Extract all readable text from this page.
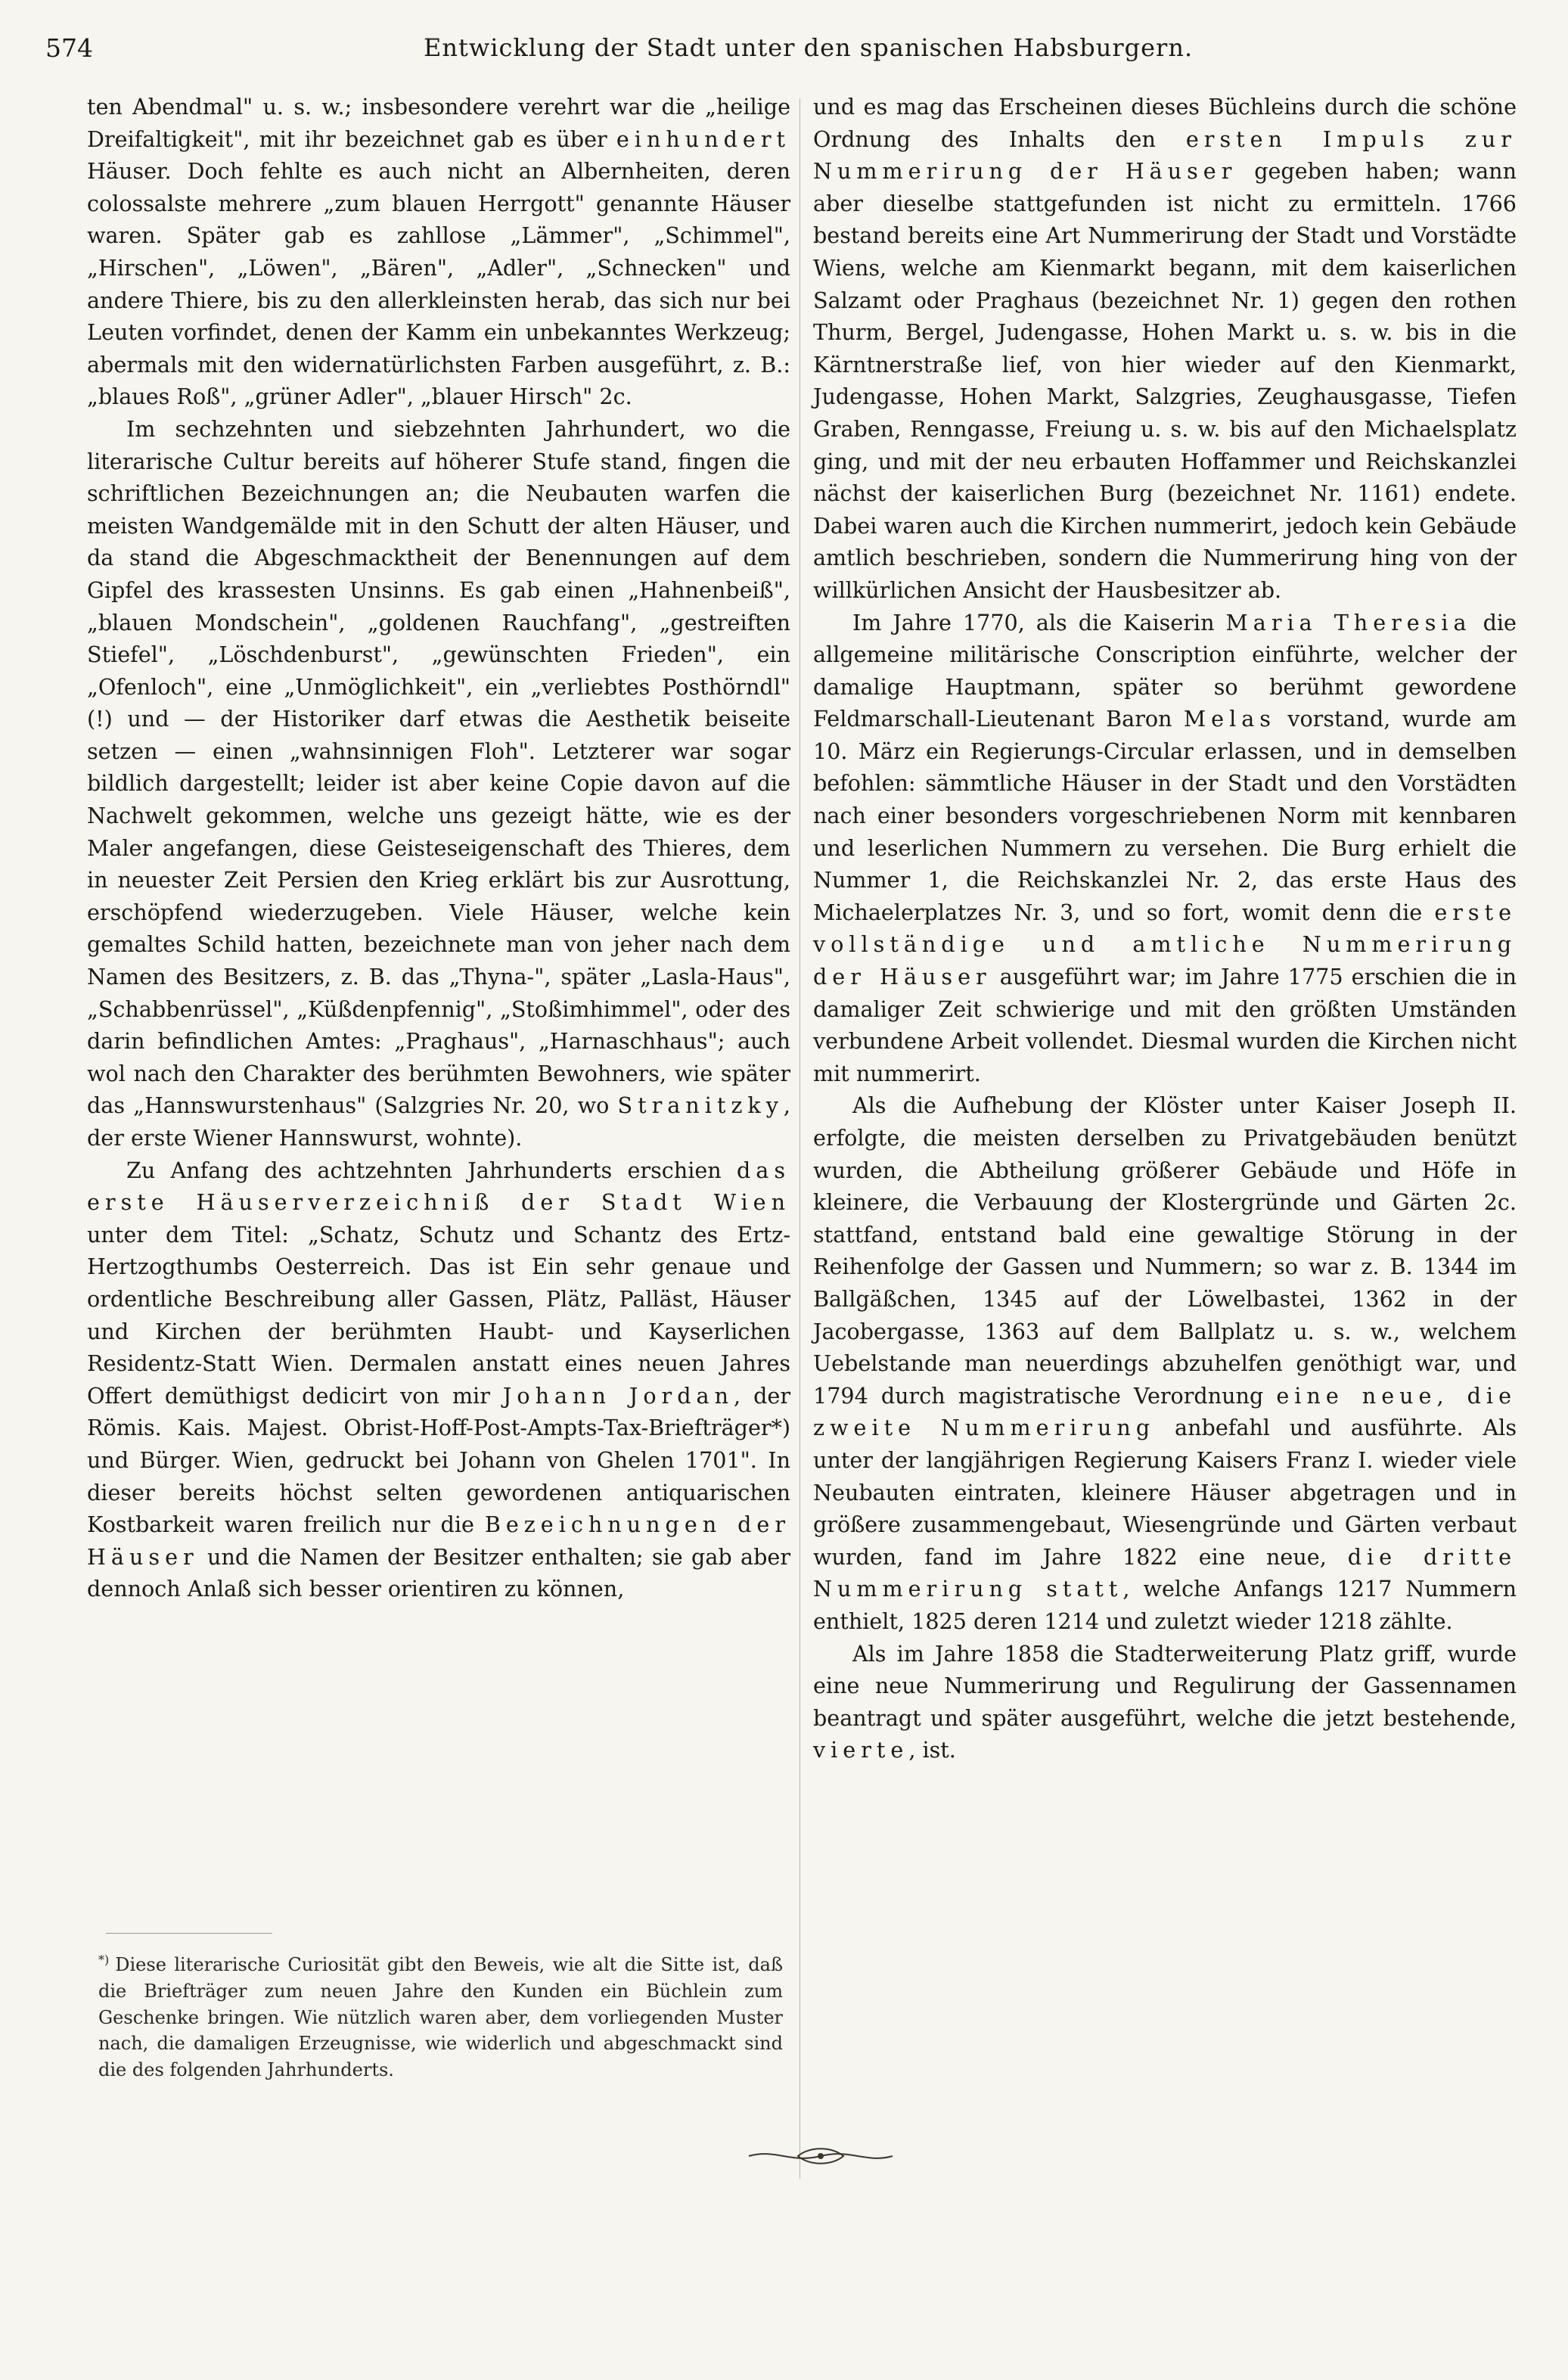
574	Entwicklung der Stadt unter den spanischen Habsburgern.

ten Abendmal" u. s. w.; insbesondere verehrt war die „heilige Dreifaltigkeit", mit ihr bezeichnet gab es über einhundert Häuser. Doch fehlte es auch nicht an Albernheiten, deren colossalste mehrere „zum blauen Herrgott" genannte Häuser waren. Später gab es zahllose „Lämmer", „Schimmel", „Hirschen", „Löwen", „Bären", „Adler", „Schnecken" und andere Thiere, bis zu den allerkleinsten herab, das sich nur bei Leuten vorfindet, denen der Kamm ein unbekanntes Werkzeug; abermals mit den widernatürlichsten Farben ausgeführt, z. B.: „blaues Roß", „grüner Adler", „blauer Hirsch" 2c.

Im sechzehnten und siebzehnten Jahrhundert, wo die literarische Cultur bereits auf höherer Stufe stand, fingen die schriftlichen Bezeichnungen an; die Neubauten warfen die meisten Wandgemälde mit in den Schutt der alten Häuser, und da stand die Abgeschmacktheit der Benennungen auf dem Gipfel des krassesten Unsinns. Es gab einen „Hahnenbeiß", „blauen Mondschein", „goldenen Rauchfang", „gestreiften Stiefel", „Löschdenburst", „gewünschten Frieden", ein „Ofenloch", eine „Unmöglichkeit", ein „verliebtes Posthörndl" (!) und — der Historiker darf etwas die Aesthetik beiseite setzen — einen „wahnsinnigen Floh". Letzterer war sogar bildlich dargestellt; leider ist aber keine Copie davon auf die Nachwelt gekommen, welche uns gezeigt hätte, wie es der Maler angefangen, diese Geisteseigenschaft des Thieres, dem in neuester Zeit Persien den Krieg erklärt bis zur Ausrottung, erschöpfend wiederzugeben. Viele Häuser, welche kein gemaltes Schild hatten, bezeichnete man von jeher nach dem Namen des Besitzers, z. B. das „Thyna-", später „Lasla-Haus", „Schabbenrüssel", „Küßdenpfennig", „Stoßimhimmel", oder des darin befindlichen Amtes: „Praghaus", „Harnaschhaus"; auch wol nach den Charakter des berühmten Bewohners, wie später das „Hannswurstenhaus" (Salzgries Nr. 20, wo Stranitzky, der erste Wiener Hannswurst, wohnte).

Zu Anfang des achtzehnten Jahrhunderts erschien das erste Häuserverzeichniß der Stadt Wien unter dem Titel: „Schatz, Schutz und Schantz des Ertz-Hertzogthumbs Oesterreich. Das ist Ein sehr genaue und ordentliche Beschreibung aller Gassen, Plätz, Palläst, Häuser und Kirchen der berühmten Haubt- und Kayserlichen Residentz-Statt Wien. Dermalen anstatt eines neuen Jahres Offert demüthigst dedicirt von mir Johann Jordan, der Römis. Kais. Majest. Obrist-Hoff-Post-Ampts-Tax-Briefträger*) und Bürger. Wien, gedruckt bei Johann von Ghelen 1701". In dieser bereits höchst selten gewordenen antiquarischen Kostbarkeit waren freilich nur die Bezeichnungen der Häuser und die Namen der Besitzer enthalten; sie gab aber dennoch Anlaß sich besser orientiren zu können,

*) Diese literarische Curiosität gibt den Beweis, wie alt die Sitte ist, daß die Briefträger zum neuen Jahre den Kunden ein Büchlein zum Geschenke bringen. Wie nützlich waren aber, dem vorliegenden Muster nach, die damaligen Erzeugnisse, wie widerlich und abgeschmackt sind die des folgenden Jahrhunderts.

und es mag das Erscheinen dieses Büchleins durch die schöne Ordnung des Inhalts den ersten Impuls zur Nummerirung der Häuser gegeben haben; wann aber dieselbe stattgefunden ist nicht zu ermitteln. 1766 bestand bereits eine Art Nummerirung der Stadt und Vorstädte Wiens, welche am Kienmarkt begann, mit dem kaiserlichen Salzamt oder Praghaus (bezeichnet Nr. 1) gegen den rothen Thurm, Bergel, Judengasse, Hohen Markt u. s. w. bis in die Kärntnerstraße lief, von hier wieder auf den Kienmarkt, Judengasse, Hohen Markt, Salzgries, Zeughausgasse, Tiefen Graben, Renngasse, Freiung u. s. w. bis auf den Michaelsplatz ging, und mit der neu erbauten Hoffammer und Reichskanzlei nächst der kaiserlichen Burg (bezeichnet Nr. 1161) endete. Dabei waren auch die Kirchen nummerirt, jedoch kein Gebäude amtlich beschrieben, sondern die Nummerirung hing von der willkürlichen Ansicht der Hausbesitzer ab.

Im Jahre 1770, als die Kaiserin Maria Theresia die allgemeine militärische Conscription einführte, welcher der damalige Hauptmann, später so berühmt gewordene Feldmarschall-Lieutenant Baron Melas vorstand, wurde am 10. März ein Regierungs-Circular erlassen, und in demselben befohlen: sämmtliche Häuser in der Stadt und den Vorstädten nach einer besonders vorgeschriebenen Norm mit kennbaren und leserlichen Nummern zu versehen. Die Burg erhielt die Nummer 1, die Reichskanzlei Nr. 2, das erste Haus des Michaelerplatzes Nr. 3, und so fort, womit denn die erste vollständige und amtliche Nummerirung der Häuser ausgeführt war; im Jahre 1775 erschien die in damaliger Zeit schwierige und mit den größten Umständen verbundene Arbeit vollendet. Diesmal wurden die Kirchen nicht mit nummerirt.

Als die Aufhebung der Klöster unter Kaiser Joseph II. erfolgte, die meisten derselben zu Privatgebäuden benützt wurden, die Abtheilung größerer Gebäude und Höfe in kleinere, die Verbauung der Klostergründe und Gärten 2c. stattfand, entstand bald eine gewaltige Störung in der Reihenfolge der Gassen und Nummern; so war z. B. 1344 im Ballgäßchen, 1345 auf der Löwelbastei, 1362 in der Jacobergasse, 1363 auf dem Ballplatz u. s. w., welchem Uebelstande man neuerdings abzuhelfen genöthigt war, und 1794 durch magistratische Verordnung eine neue, die zweite Nummerirung anbefahl und ausführte. Als unter der langjährigen Regierung Kaisers Franz I. wieder viele Neubauten eintraten, kleinere Häuser abgetragen und in größere zusammengebaut, Wiesengründe und Gärten verbaut wurden, fand im Jahre 1822 eine neue, die dritte Nummerirung statt, welche Anfangs 1217 Nummern enthielt, 1825 deren 1214 und zuletzt wieder 1218 zählte.

Als im Jahre 1858 die Stadterweiterung Platz griff, wurde eine neue Nummerirung und Regulirung der Gassennamen beantragt und später ausgeführt, welche die jetzt bestehende, vierte, ist.
